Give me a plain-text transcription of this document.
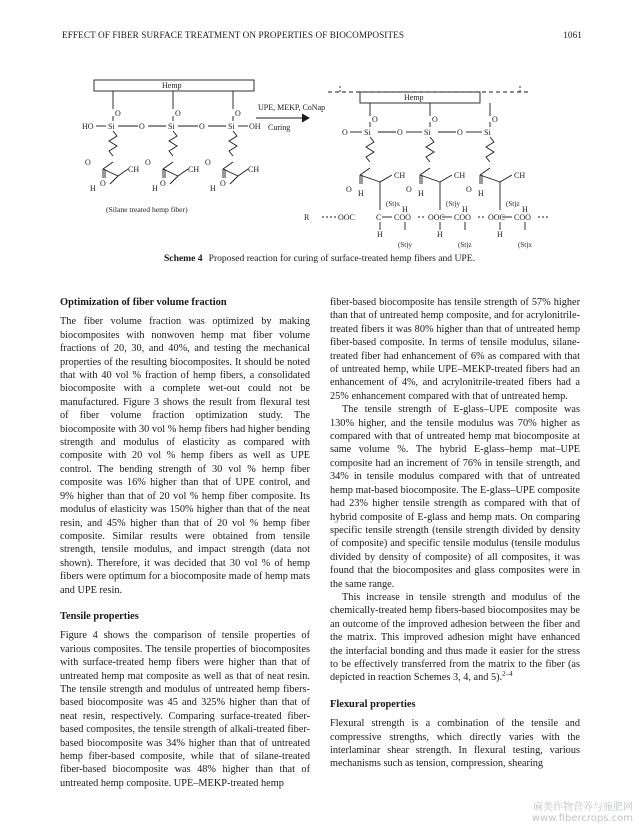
EFFECT OF FIBER SURFACE TREATMENT ON PROPERTIES OF BIOCOMPOSITES	1061
Hemp
Hemp
UPE, MEKP, CoNap
Curing
HO Si	O	Si	O	Si OH
O	O	O
O	O	O
O	O	O
CH	CH	CH
H	H	H
(Silane treated hemp fiber)
Si	O	Si	O	Si
O
O	O	O
O	O	O
CH	CH	CH
H	H	H
(St)x	(St)y	(St)z
R	OOC	C COO OOC COO OOC COO
H	H	H
H	H	H
(St)y	(St)z	(St)x
Scheme 4 Proposed reaction for curing of surface-treated hemp fibers and UPE.
Optimization of fiber volume fraction

The fiber volume fraction was optimized by making biocomposites with nonwoven hemp mat fiber volume fractions of 20, 30, and 40%, and testing the mechanical properties of the resulting biocomposites. It should be noted that with 40 vol % fraction of hemp fibers, a consolidated biocomposite with a complete wet-out could not be manufactured. Figure 3 shows the result from flexural test of fiber volume fraction optimization study. The biocomposite with 30 vol % hemp fibers had higher bending strength and modulus of elasticity as compared with composite with 20 vol % hemp fibers as well as UPE control. The bending strength of 30 vol % hemp fiber composite was 16% higher than that of UPE control, and 9% higher than that of 20 vol % hemp fiber composite. Its modulus of elasticity was 150% higher than that of the neat resin, and 45% higher than that of 20 vol % hemp fiber composite. Similar results were obtained from tensile strength, tensile modulus, and impact strength (data not shown). Therefore, it was decided that 30 vol % of hemp fibers were optimum for a biocomposite made of hemp mats and UPE resin.

Tensile properties

Figure 4 shows the comparison of tensile properties of various composites. The tensile properties of biocomposites with surface-treated hemp fibers were higher than that of untreated hemp mat composite as well as that of neat resin. The tensile strength and modulus of untreated hemp fibers-based biocomposite was 45 and 325% higher than that of neat resin, respectively. Comparing surface-treated fiber-based composites, the tensile strength of alkali-treated fiber-based biocomposite was 34% higher than that of untreated hemp fiber-based composite, while that of silane-treated fiber-based biocomposite was 48% higher than that of untreated hemp composite. UPE–MEKP-treated hemp

fiber-based biocomposite has tensile strength of 57% higher than that of untreated hemp composite, and for acrylonitrile-treated fibers it was 80% higher than that of untreated hemp fiber-based composite. In terms of tensile modulus, silane-treated fiber had enhancement of 6% as compared with that of untreated hemp, while UPE–MEKP-treated fibers had an enhancement of 4%, and acrylonitrile-treated fibers had a 25% enhancement compared with that of untreated hemp.

The tensile strength of E-glass–UPE composite was 130% higher, and the tensile modulus was 70% higher as compared with that of untreated hemp mat biocomposite at same volume %. The hybrid E-glass–hemp mat–UPE composite had an increment of 76% in tensile strength, and 34% in tensile modulus compared with that of untreated hemp mat-based biocomposite. The E-glass–UPE composite had 23% higher tensile strength as compared with that of hybrid composite of E-glass and hemp mats. On comparing specific tensile strength (tensile strength divided by density of composite) and specific tensile modulus (tensile modulus divided by density of composite) of all composites, it was found that the biocomposites and glass composites were in the same range.

This increase in tensile strength and modulus of the chemically-treated hemp fibers-based biocomposites may be an outcome of the improved adhesion between the fiber and the matrix. This improved adhesion might have enhanced the interfacial bonding and thus made it easier for the stress to be effectively transferred from the matrix to the fiber (as depicted in reaction Schemes 3, 4, and 5).$^{2-4}$

Flexural properties

Flexural strength is a combination of the tensile and compressive strengths, which directly varies with the interlaminar shear strength. In flexural testing, various mechanisms such as tension, compression, shearing

麻类作物营养与施肥网
www.fibercrops.com
